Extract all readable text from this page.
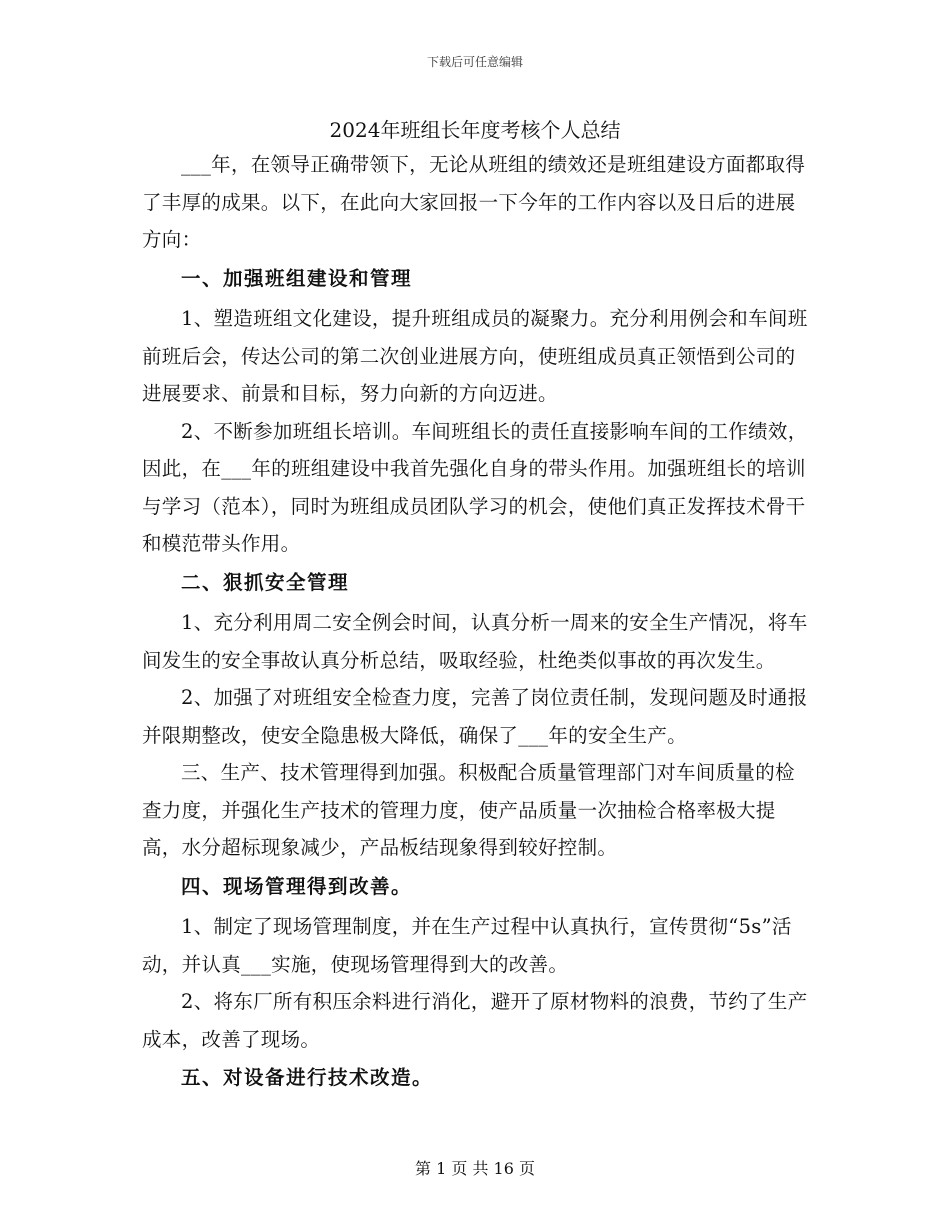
下载后可任意编辑
2024年班组长年度考核个人总结

___年，在领导正确带领下，无论从班组的绩效还是班组建设方面都取得了丰厚的成果。以下，在此向大家回报一下今年的工作内容以及日后的进展方向：

一、加强班组建设和管理

1、塑造班组文化建设，提升班组成员的凝聚力。充分利用例会和车间班前班后会，传达公司的第二次创业进展方向，使班组成员真正领悟到公司的进展要求、前景和目标，努力向新的方向迈进。

2、不断参加班组长培训。车间班组长的责任直接影响车间的工作绩效，因此，在___年的班组建设中我首先强化自身的带头作用。加强班组长的培训与学习（范本），同时为班组成员团队学习的机会，使他们真正发挥技术骨干和模范带头作用。

二、狠抓安全管理

1、充分利用周二安全例会时间，认真分析一周来的安全生产情况，将车间发生的安全事故认真分析总结，吸取经验，杜绝类似事故的再次发生。

2、加强了对班组安全检查力度，完善了岗位责任制，发现问题及时通报并限期整改，使安全隐患极大降低，确保了___年的安全生产。

三、生产、技术管理得到加强。积极配合质量管理部门对车间质量的检查力度，并强化生产技术的管理力度，使产品质量一次抽检合格率极大提高，水分超标现象减少，产品板结现象得到较好控制。

四、现场管理得到改善。

1、制定了现场管理制度，并在生产过程中认真执行，宣传贯彻“5s”活动，并认真___实施，使现场管理得到大的改善。

2、将东厂所有积压余料进行消化，避开了原材物料的浪费，节约了生产成本，改善了现场。

五、对设备进行技术改造。

第 1 页 共 16 页
